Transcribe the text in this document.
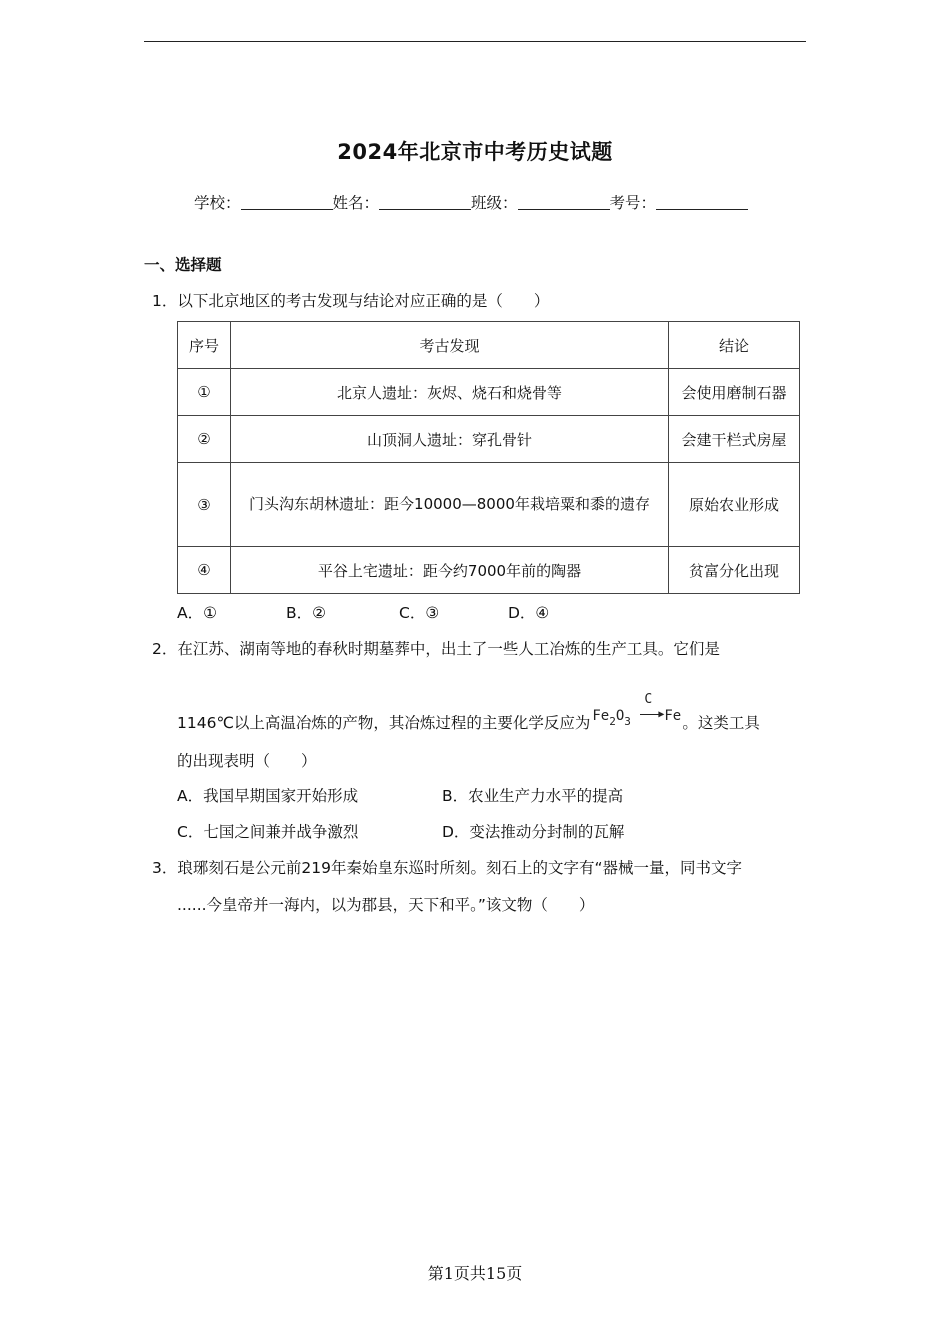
2024年北京市中考历史试题
学校：	姓名：	班级：	考号：
一、选择题
1．以下北京地区的考古发现与结论对应正确的是（　　）
序号	考古发现	结论
①	北京人遗址：灰烬、烧石和烧骨等	会使用磨制石器
②	山顶洞人遗址：穿孔骨针	会建干栏式房屋
③	门头沟东胡林遗址：距今10000—8000年栽培粟和黍的遗存	原始农业形成
④	平谷上宅遗址：距今约7000年前的陶器	贫富分化出现
A．①	B．②	C．③	D．④
2．在江苏、湖南等地的春秋时期墓葬中，出土了一些人工冶炼的生产工具。它们是
1146℃以上高温冶炼的产物，其冶炼过程的主要化学反应为 $Fe_2O_3$
C
▶ Fe 。这类工具
的出现表明（　　）
A．我国早期国家开始形成	B．农业生产力水平的提高
C．七国之间兼并战争激烈	D．变法推动分封制的瓦解
3．琅琊刻石是公元前219年秦始皇东巡时所刻。刻石上的文字有“器械一量，同书文字
......今皇帝并一海内，以为郡县，天下和平。”该文物（　　）
第1页共15页
